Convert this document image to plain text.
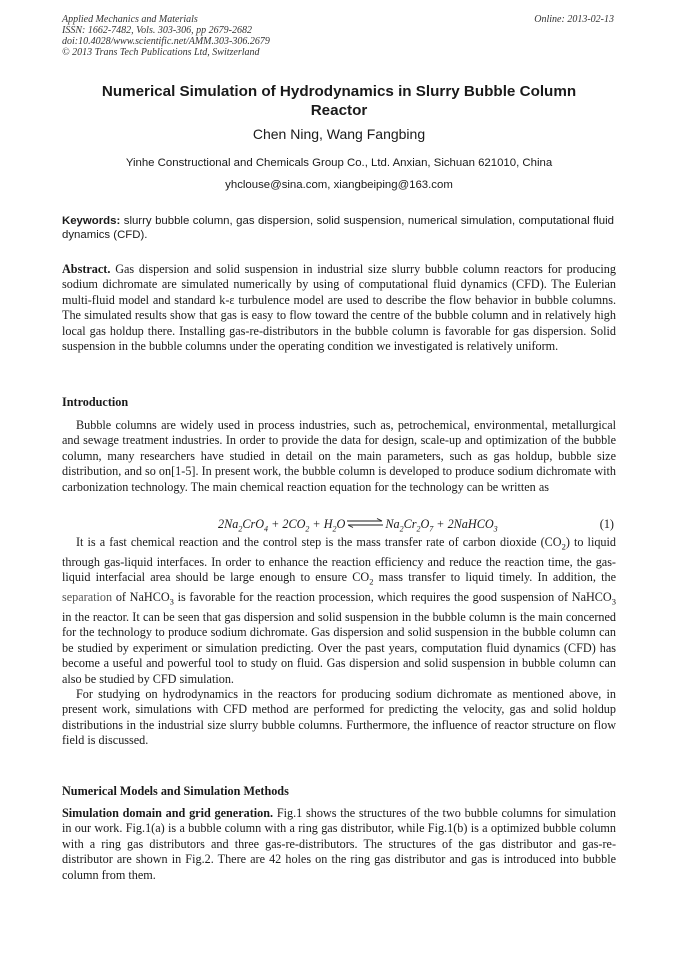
Applied Mechanics and Materials
ISSN: 1662-7482, Vols. 303-306, pp 2679-2682
doi:10.4028/www.scientific.net/AMM.303-306.2679
© 2013 Trans Tech Publications Ltd, Switzerland
Online: 2013-02-13
Numerical Simulation of Hydrodynamics in Slurry Bubble Column
Reactor
Chen Ning, Wang Fangbing
Yinhe Constructional and Chemicals Group Co., Ltd. Anxian, Sichuan 621010, China
yhclouse@sina.com, xiangbeiping@163.com
Keywords: slurry bubble column, gas dispersion, solid suspension, numerical simulation, computational fluid dynamics (CFD).
Abstract. Gas dispersion and solid suspension in industrial size slurry bubble column reactors for producing sodium dichromate are simulated numerically by using of computational fluid dynamics (CFD). The Eulerian multi-fluid model and standard k-ε turbulence model are used to describe the flow behavior in bubble columns. The simulated results show that gas is easy to flow toward the centre of the bubble column and in relatively high local gas holdup there. Installing gas-re-distributors in the bubble column is favorable for gas dispersion. Solid suspension in the bubble columns under the operating condition we investigated is relatively uniform.
Introduction

Bubble columns are widely used in process industries, such as, petrochemical, environmental, metallurgical and sewage treatment industries. In order to provide the data for design, scale-up and optimization of the bubble column, many researchers have studied in detail on the main parameters, such as gas holdup, bubble size distribution, and so on[1-5]. In present work, the bubble column is developed to produce sodium dichromate with carbonization technology. The main chemical reaction equation for the technology can be written as

$2Na_2CrO_4 + 2CO_2$ + $H_2O\rightleftharpoons Na_2Cr_2O_7$ + 2NaHCO$_3$	(1)

It is a fast chemical reaction and the control step is the mass transfer rate of carbon dioxide $(CO_2)$ to liquid through gas-liquid interfaces. In order to enhance the reaction efficiency and reduce the reaction time, the gas-liquid interfacial area should be large enough to ensure $CO_2$ mass transfer to liquid timely. In addition, the separation of NaHCO$_3$ is favorable for the reaction procession, which requires the good suspension of NaHCO$_3$ in the reactor. It can be seen that gas dispersion and solid suspension in the bubble column is the main concerned for the technology to produce sodium dichromate. Gas dispersion and solid suspension in the bubble column can be studied by experiment or simulation predicting. Over the past years, computation fluid dynamics (CFD) has become a useful and powerful tool to study on fluid. Gas dispersion and solid suspension in bubble column can also be studied by CFD simulation.

For studying on hydrodynamics in the reactors for producing sodium dichromate as mentioned above, in present work, simulations with CFD method are performed for predicting the velocity, gas and solid holdup distributions in the industrial size slurry bubble columns. Furthermore, the influence of reactor structure on flow field is discussed.

Numerical Models and Simulation Methods

Simulation domain and grid generation. Fig.1 shows the structures of the two bubble columns for simulation in our work. Fig.1(a) is a bubble column with a ring gas distributor, while Fig.1(b) is a optimized bubble column with a ring gas distributors and three gas-re-distributors. The structures of the gas distributor and gas-re-distributor are shown in Fig.2. There are 42 holes on the ring gas distributor and gas is introduced into bubble column from them.
